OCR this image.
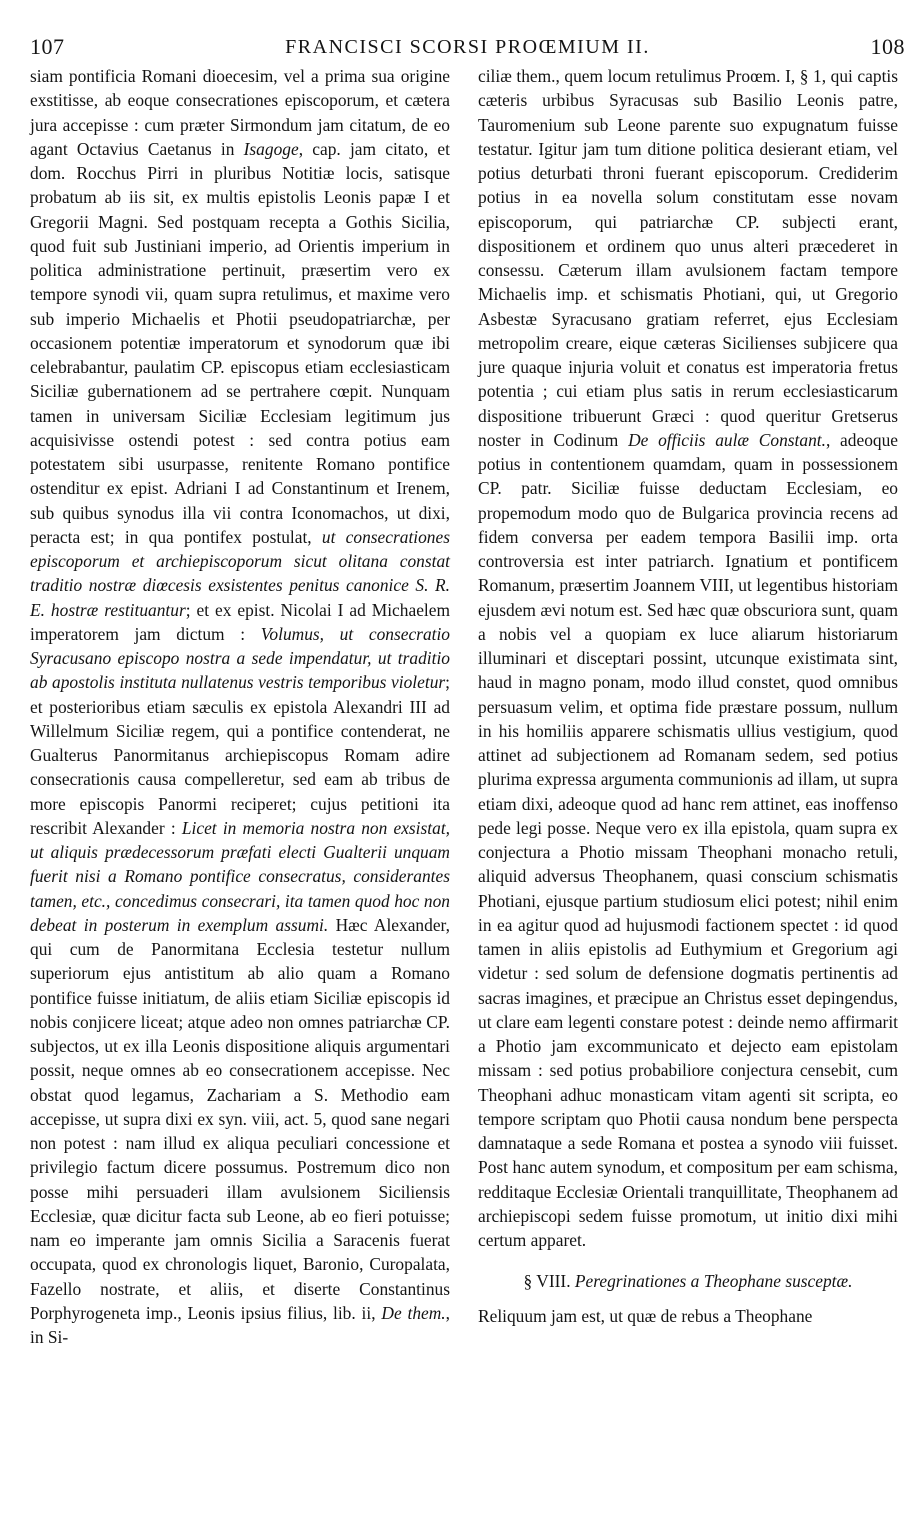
107	FRANCISCI SCORSI PROŒMIUM II.	108

siam pontificia Romani dioecesim, vel a prima sua origine exstitisse, ab eoque consecrationes episcoporum, et cætera jura accepisse : cum præter Sirmondum jam citatum, de eo agant Octavius Caetanus in Isagoge, cap. jam citato, et dom. Rocchus Pirri in pluribus Notitiæ locis, satisque probatum ab iis sit, ex multis epistolis Leonis papæ I et Gregorii Magni. Sed postquam recepta a Gothis Sicilia, quod fuit sub Justiniani imperio, ad Orientis imperium in politica administratione pertinuit, præsertim vero ex tempore synodi vii, quam supra retulimus, et maxime vero sub imperio Michaelis et Photii pseudopatriarchæ, per occasionem potentiæ imperatorum et synodorum quæ ibi celebrabantur, paulatim CP. episcopus etiam ecclesiasticam Siciliæ gubernationem ad se pertrahere cœpit. Nunquam tamen in universam Siciliæ Ecclesiam legitimum jus acquisivisse ostendi potest : sed contra potius eam potestatem sibi usurpasse, renitente Romano pontifice ostenditur ex epist. Adriani I ad Constantinum et Irenem, sub quibus synodus illa vii contra Iconomachos, ut dixi, peracta est; in qua pontifex postulat, ut consecrationes episcoporum et archiepiscoporum sicut olitana constat traditio nostræ diœcesis exsistentes penitus canonice S. R. E. hostræ restituantur; et ex epist. Nicolai I ad Michaelem imperatorem jam dictum : Volumus, ut consecratio Syracusano episcopo nostra a sede impendatur, ut traditio ab apostolis instituta nullatenus vestris temporibus violetur; et posterioribus etiam sæculis ex epistola Alexandri III ad Willelmum Siciliæ regem, qui a pontifice contenderat, ne Gualterus Panormitanus archiepiscopus Romam adire consecrationis causa compelleretur, sed eam ab tribus de more episcopis Panormi reciperet; cujus petitioni ita rescribit Alexander : Licet in memoria nostra non exsistat, ut aliquis prædecessorum præfati electi Gualterii unquam fuerit nisi a Romano pontifice consecratus, considerantes tamen, etc., concedimus consecrari, ita tamen quod hoc non debeat in posterum in exemplum assumi. Hæc Alexander, qui cum de Panormitana Ecclesia testetur nullum superiorum ejus antistitum ab alio quam a Romano pontifice fuisse initiatum, de aliis etiam Siciliæ episcopis id nobis conjicere liceat; atque adeo non omnes patriarchæ CP. subjectos, ut ex illa Leonis dispositione aliquis argumentari possit, neque omnes ab eo consecrationem accepisse. Nec obstat quod legamus, Zachariam a S. Methodio eam accepisse, ut supra dixi ex syn. viii, act. 5, quod sane negari non potest : nam illud ex aliqua peculiari concessione et privilegio factum dicere possumus. Postremum dico non posse mihi persuaderi illam avulsionem Siciliensis Ecclesiæ, quæ dicitur facta sub Leone, ab eo fieri potuisse; nam eo imperante jam omnis Sicilia a Saracenis fuerat occupata, quod ex chronologis liquet, Baronio, Curopalata, Fazello nostrate, et aliis, et diserte Constantinus Porphyrogeneta imp., Leonis ipsius filius, lib. ii, De them., in Si-

ciliæ them., quem locum retulimus Proœm. I, § 1, qui captis cæteris urbibus Syracusas sub Basilio Leonis patre, Tauromenium sub Leone parente suo expugnatum fuisse testatur. Igitur jam tum ditione politica desierant etiam, vel potius deturbati throni fuerant episcoporum. Crediderim potius in ea novella solum constitutam esse novam episcoporum, qui patriarchæ CP. subjecti erant, dispositionem et ordinem quo unus alteri præcederet in consessu. Cæterum illam avulsionem factam tempore Michaelis imp. et schismatis Photiani, qui, ut Gregorio Asbestæ Syracusano gratiam referret, ejus Ecclesiam metropolim creare, eique cæteras Sicilienses subjicere qua jure quaque injuria voluit et conatus est imperatoria fretus potentia ; cui etiam plus satis in rerum ecclesiasticarum dispositione tribuerunt Græci : quod queritur Gretserus noster in Codinum De officiis aulæ Constant., adeoque potius in contentionem quamdam, quam in possessionem CP. patr. Siciliæ fuisse deductam Ecclesiam, eo propemodum modo quo de Bulgarica provincia recens ad fidem conversa per eadem tempora Basilii imp. orta controversia est inter patriarch. Ignatium et pontificem Romanum, præsertim Joannem VIII, ut legentibus historiam ejusdem ævi notum est. Sed hæc quæ obscuriora sunt, quam a nobis vel a quopiam ex luce aliarum historiarum illuminari et disceptari possint, utcunque existimata sint, haud in magno ponam, modo illud constet, quod omnibus persuasum velim, et optima fide præstare possum, nullum in his homiliis apparere schismatis ullius vestigium, quod attinet ad subjectionem ad Romanam sedem, sed potius plurima expressa argumenta communionis ad illam, ut supra etiam dixi, adeoque quod ad hanc rem attinet, eas inoffenso pede legi posse. Neque vero ex illa epistola, quam supra ex conjectura a Photio missam Theophani monacho retuli, aliquid adversus Theophanem, quasi conscium schismatis Photiani, ejusque partium studiosum elici potest; nihil enim in ea agitur quod ad hujusmodi factionem spectet : id quod tamen in aliis epistolis ad Euthymium et Gregorium agi videtur : sed solum de defensione dogmatis pertinentis ad sacras imagines, et præcipue an Christus esset depingendus, ut clare eam legenti constare potest : deinde nemo affirmarit a Photio jam excommunicato et dejecto eam epistolam missam : sed potius probabiliore conjectura censebit, cum Theophani adhuc monasticam vitam agenti sit scripta, eo tempore scriptam quo Photii causa nondum bene perspecta damnataque a sede Romana et postea a synodo viii fuisset. Post hanc autem synodum, et compositum per eam schisma, redditaque Ecclesiæ Orientali tranquillitate, Theophanem ad archiepiscopi sedem fuisse promotum, ut initio dixi mihi certum apparet.

§ VIII. Peregrinationes a Theophane susceptæ.

Reliquum jam est, ut quæ de rebus a Theophane
